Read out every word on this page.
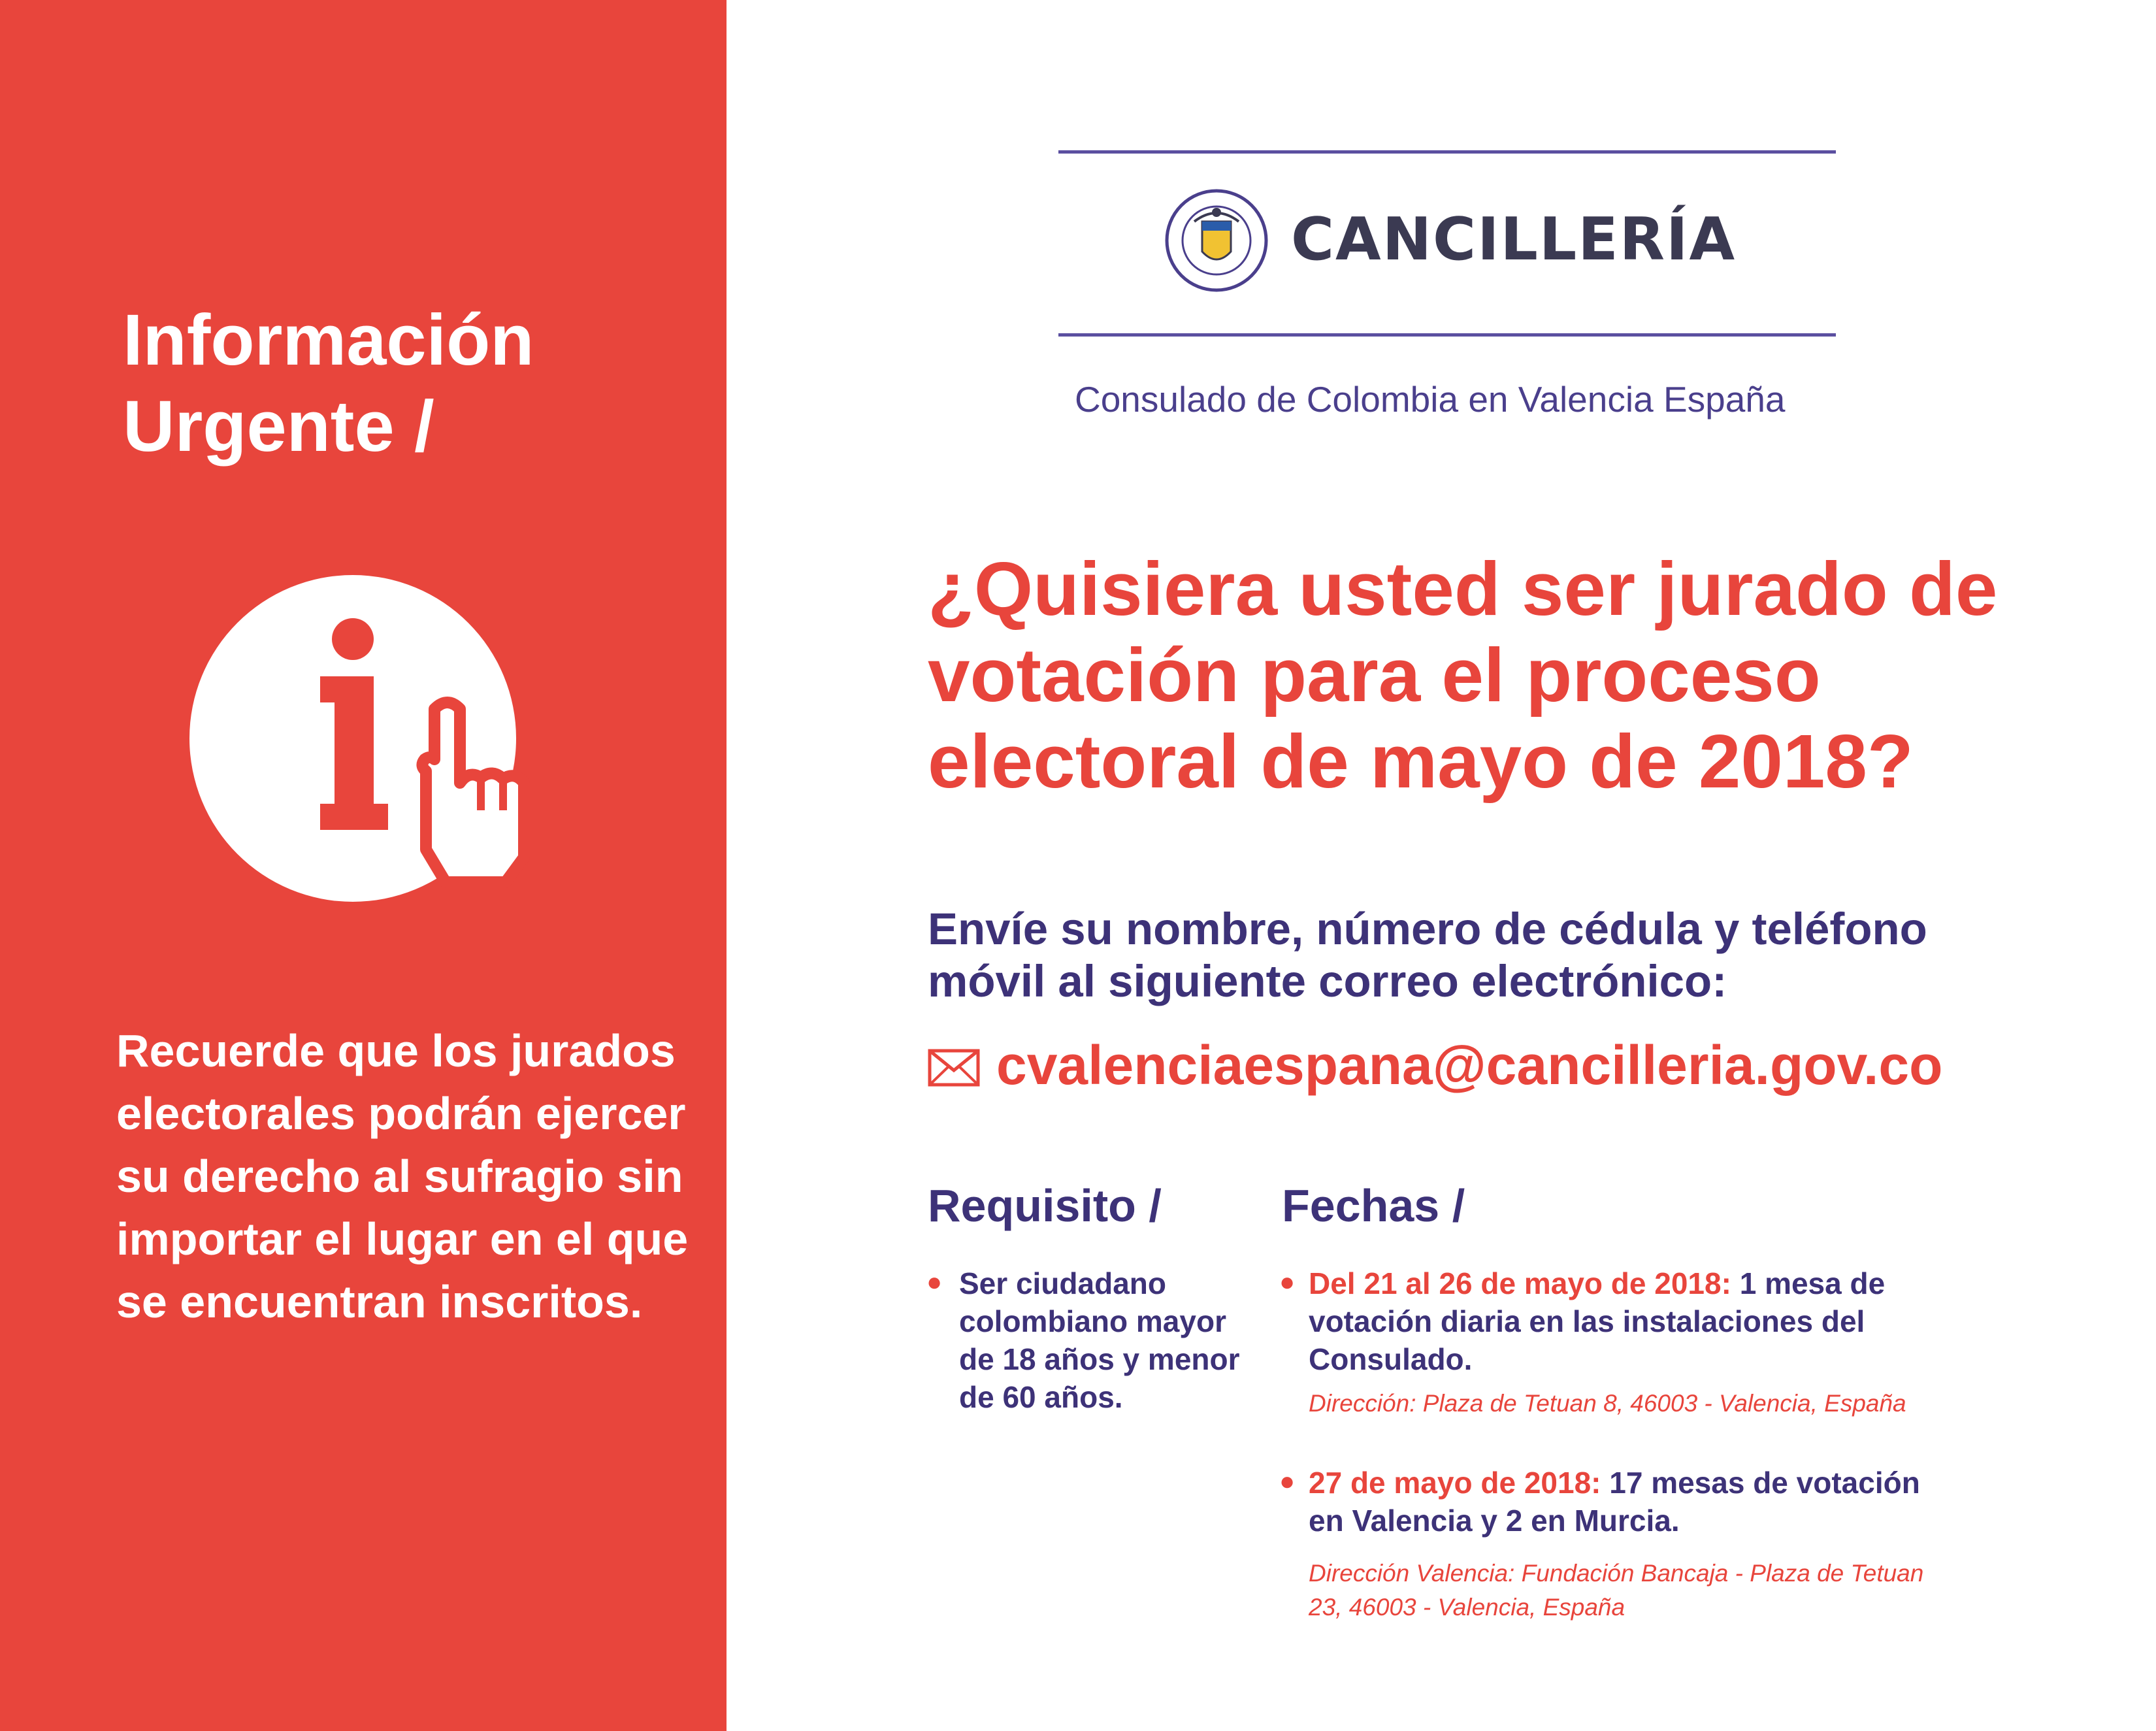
Información Urgente /
Recuerde que los jurados electorales podrán ejercer su derecho al sufragio sin importar el lugar en el que se encuentran inscritos.
CANCILLERÍA
Consulado de Colombia en Valencia España
¿Quisiera usted ser jurado de votación para el proceso electoral de mayo de 2018?
Envíe su nombre, número de cédula y teléfono móvil al siguiente correo electrónico:
cvalenciaespana@cancilleria.gov.co
Requisito /
● Ser ciudadano colombiano mayor de 18 años y menor de 60 años.
Fechas /
● Del 21 al 26 de mayo de 2018: 1 mesa de votación diaria en las instalaciones del Consulado.
Dirección: Plaza de Tetuan 8, 46003 - Valencia, España
● 27 de mayo de 2018: 17 mesas de votación en Valencia y 2 en Murcia.
Dirección Valencia: Fundación Bancaja - Plaza de Tetuan 23, 46003 - Valencia, España
